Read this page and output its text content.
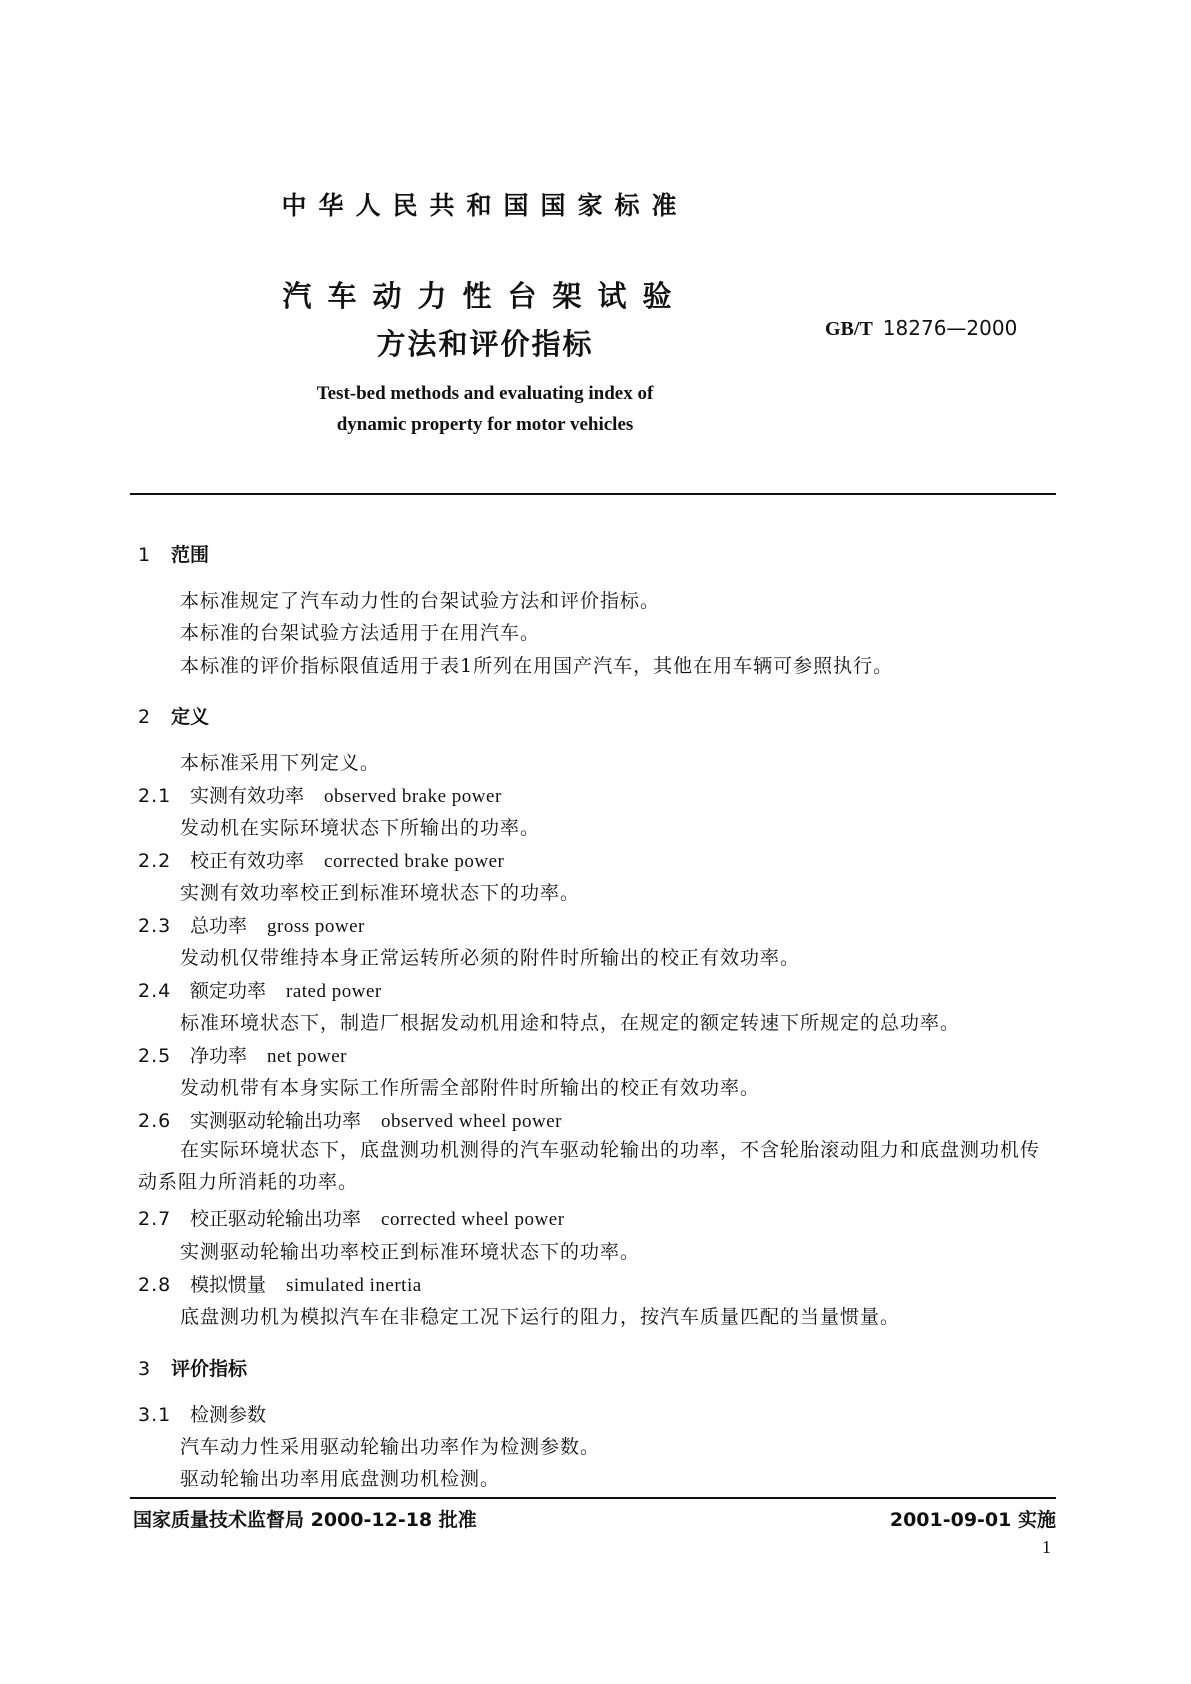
中华人民共和国国家标准
汽车动力性台架试验
方法和评价指标	GB/T 18276—2000
Test-bed methods and evaluating index of
dynamic property for motor vehicles
1 范围
本标准规定了汽车动力性的台架试验方法和评价指标。
本标准的台架试验方法适用于在用汽车。
本标准的评价指标限值适用于表1所列在用国产汽车，其他在用车辆可参照执行。
2 定义
本标准采用下列定义。
2.1 实测有效功率 observed brake power
发动机在实际环境状态下所输出的功率。
2.2 校正有效功率 corrected brake power
实测有效功率校正到标准环境状态下的功率。
2.3 总功率 gross power
发动机仅带维持本身正常运转所必须的附件时所输出的校正有效功率。
2.4 额定功率 rated power
标准环境状态下，制造厂根据发动机用途和特点，在规定的额定转速下所规定的总功率。
2.5 净功率 net power
发动机带有本身实际工作所需全部附件时所输出的校正有效功率。
2.6 实测驱动轮输出功率 observed wheel power
在实际环境状态下，底盘测功机测得的汽车驱动轮输出的功率，不含轮胎滚动阻力和底盘测功机传动系阻力所消耗的功率。
2.7 校正驱动轮输出功率 corrected wheel power
实测驱动轮输出功率校正到标准环境状态下的功率。
2.8 模拟惯量 simulated inertia
底盘测功机为模拟汽车在非稳定工况下运行的阻力，按汽车质量匹配的当量惯量。
3 评价指标
3.1 检测参数
汽车动力性采用驱动轮输出功率作为检测参数。
驱动轮输出功率用底盘测功机检测。
国家质量技术监督局 2000-12-18 批准	2001-09-01 实施
1
